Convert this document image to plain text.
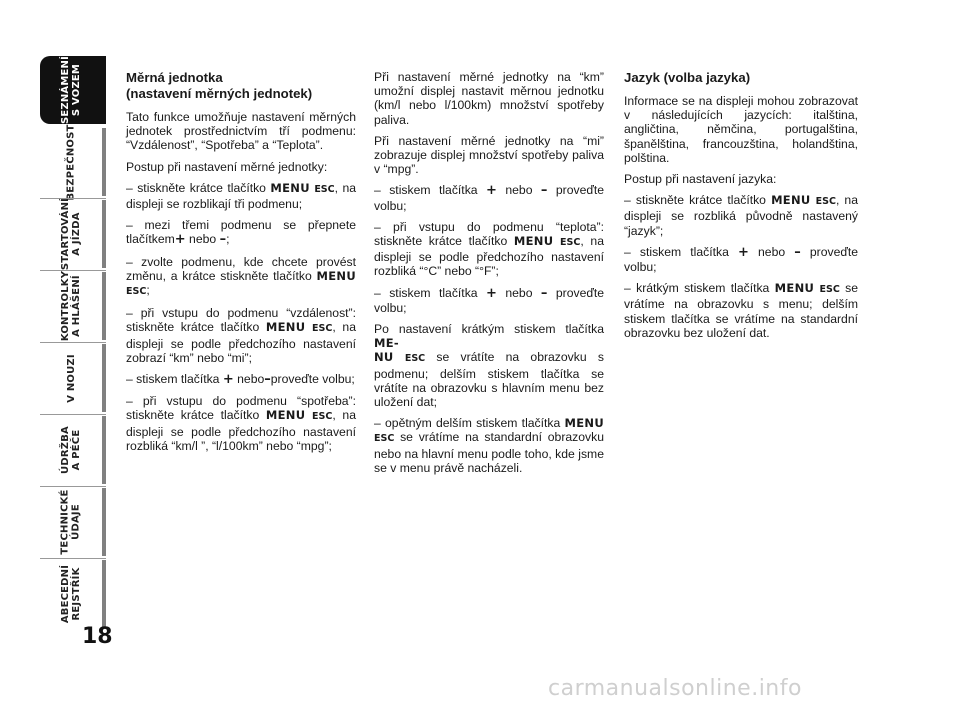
SEZNÁMENÍ
S VOZEM
BEZPEČNOST
STARTOVÁNÍ
A JÍZDA
KONTROLKY
A HLÁŠENÍ
V NOUZI
ÚDRŽBA
A PÉČE
TECHNICKÉ
ÚDAJE
ABECEDNÍ
REJSTŘÍK
18

Měrná jednotka
(nastavení měrných jednotek)

Tato funkce umožňuje nastavení měrných jednotek prostřednictvím tří podmenu: “Vzdálenost”, “Spotřeba” a “Teplota”.

Postup při nastavení měrné jednotky:

– stiskněte krátce tlačítko MENU ESC, na displeji se rozblikají tři podmenu;

– mezi třemi podmenu se přepnete tlačítkem+ nebo –;

– zvolte podmenu, kde chcete provést změnu, a krátce stiskněte tlačítko MENU ESC;

– při vstupu do podmenu “vzdálenost”: stiskněte krátce tlačítko MENU ESC, na displeji se podle předchozího nastavení zobrazí “km” nebo “mi”;

– stiskem tlačítka + nebo–proveďte volbu;

– při vstupu do podmenu “spotřeba”: stiskněte krátce tlačítko MENU ESC, na displeji se podle předchozího nastavení rozbliká “km/l ”, “l/100km” nebo “mpg”;

Při nastavení měrné jednotky na “km” umožní displej nastavit měrnou jednotku (km/l nebo l/100km) množství spotřeby paliva.

Při nastavení měrné jednotky na “mi” zobrazuje displej množství spotřeby paliva v “mpg”.

– stiskem tlačítka + nebo – proveďte volbu;

– při vstupu do podmenu “teplota”: stiskněte krátce tlačítko MENU ESC, na displeji se podle předchozího nastavení rozbliká “°C” nebo “°F”;

– stiskem tlačítka + nebo – proveďte volbu;

Po nastavení krátkým stiskem tlačítka ME-
NU ESC se vrátíte na obrazovku s podmenu; delším stiskem tlačítka se vrátíte na obrazovku s hlavním menu bez uložení dat;

– opětným delším stiskem tlačítka MENU ESC se vrátíme na standardní obrazovku nebo na hlavní menu podle toho, kde jsme se v menu právě nacházeli.

Jazyk (volba jazyka)

Informace se na displeji mohou zobrazovat v následujících jazycích: italština, angličtina, němčina, portugalština, španělština, francouzština, holandština, polština.

Postup při nastavení jazyka:

– stiskněte krátce tlačítko MENU ESC, na displeji se rozbliká původně nastavený “jazyk”;

– stiskem tlačítka + nebo – proveďte volbu;

– krátkým stiskem tlačítka MENU ESC se vrátíme na obrazovku s menu; delším stiskem tlačítka se vrátíme na standardní obrazovku bez uložení dat.

carmanualsonline.info
